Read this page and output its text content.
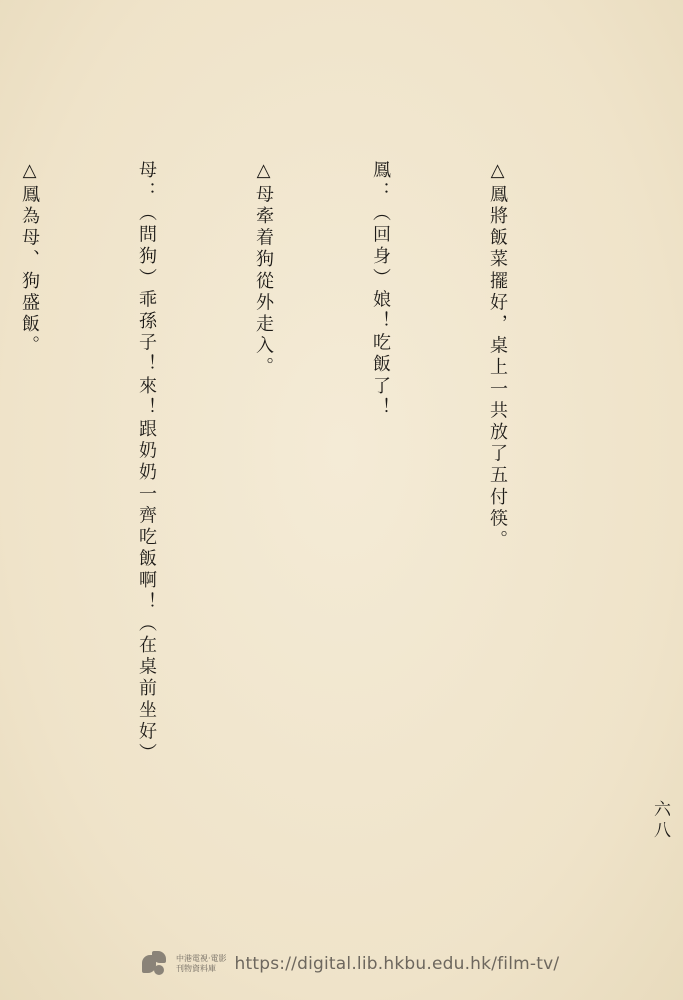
△鳳將飯菜擺好，桌上一共放了五付筷。

鳳：（回身）娘！吃飯了！

△母牽着狗從外走入。

母：（問狗）乖孫子！來！跟奶奶一齊吃飯啊！（在桌前坐好）

△鳳為母、狗盛飯。

六八
中港電視·電影
刊物資料庫	https://digital.lib.hkbu.edu.hk/film-tv/
